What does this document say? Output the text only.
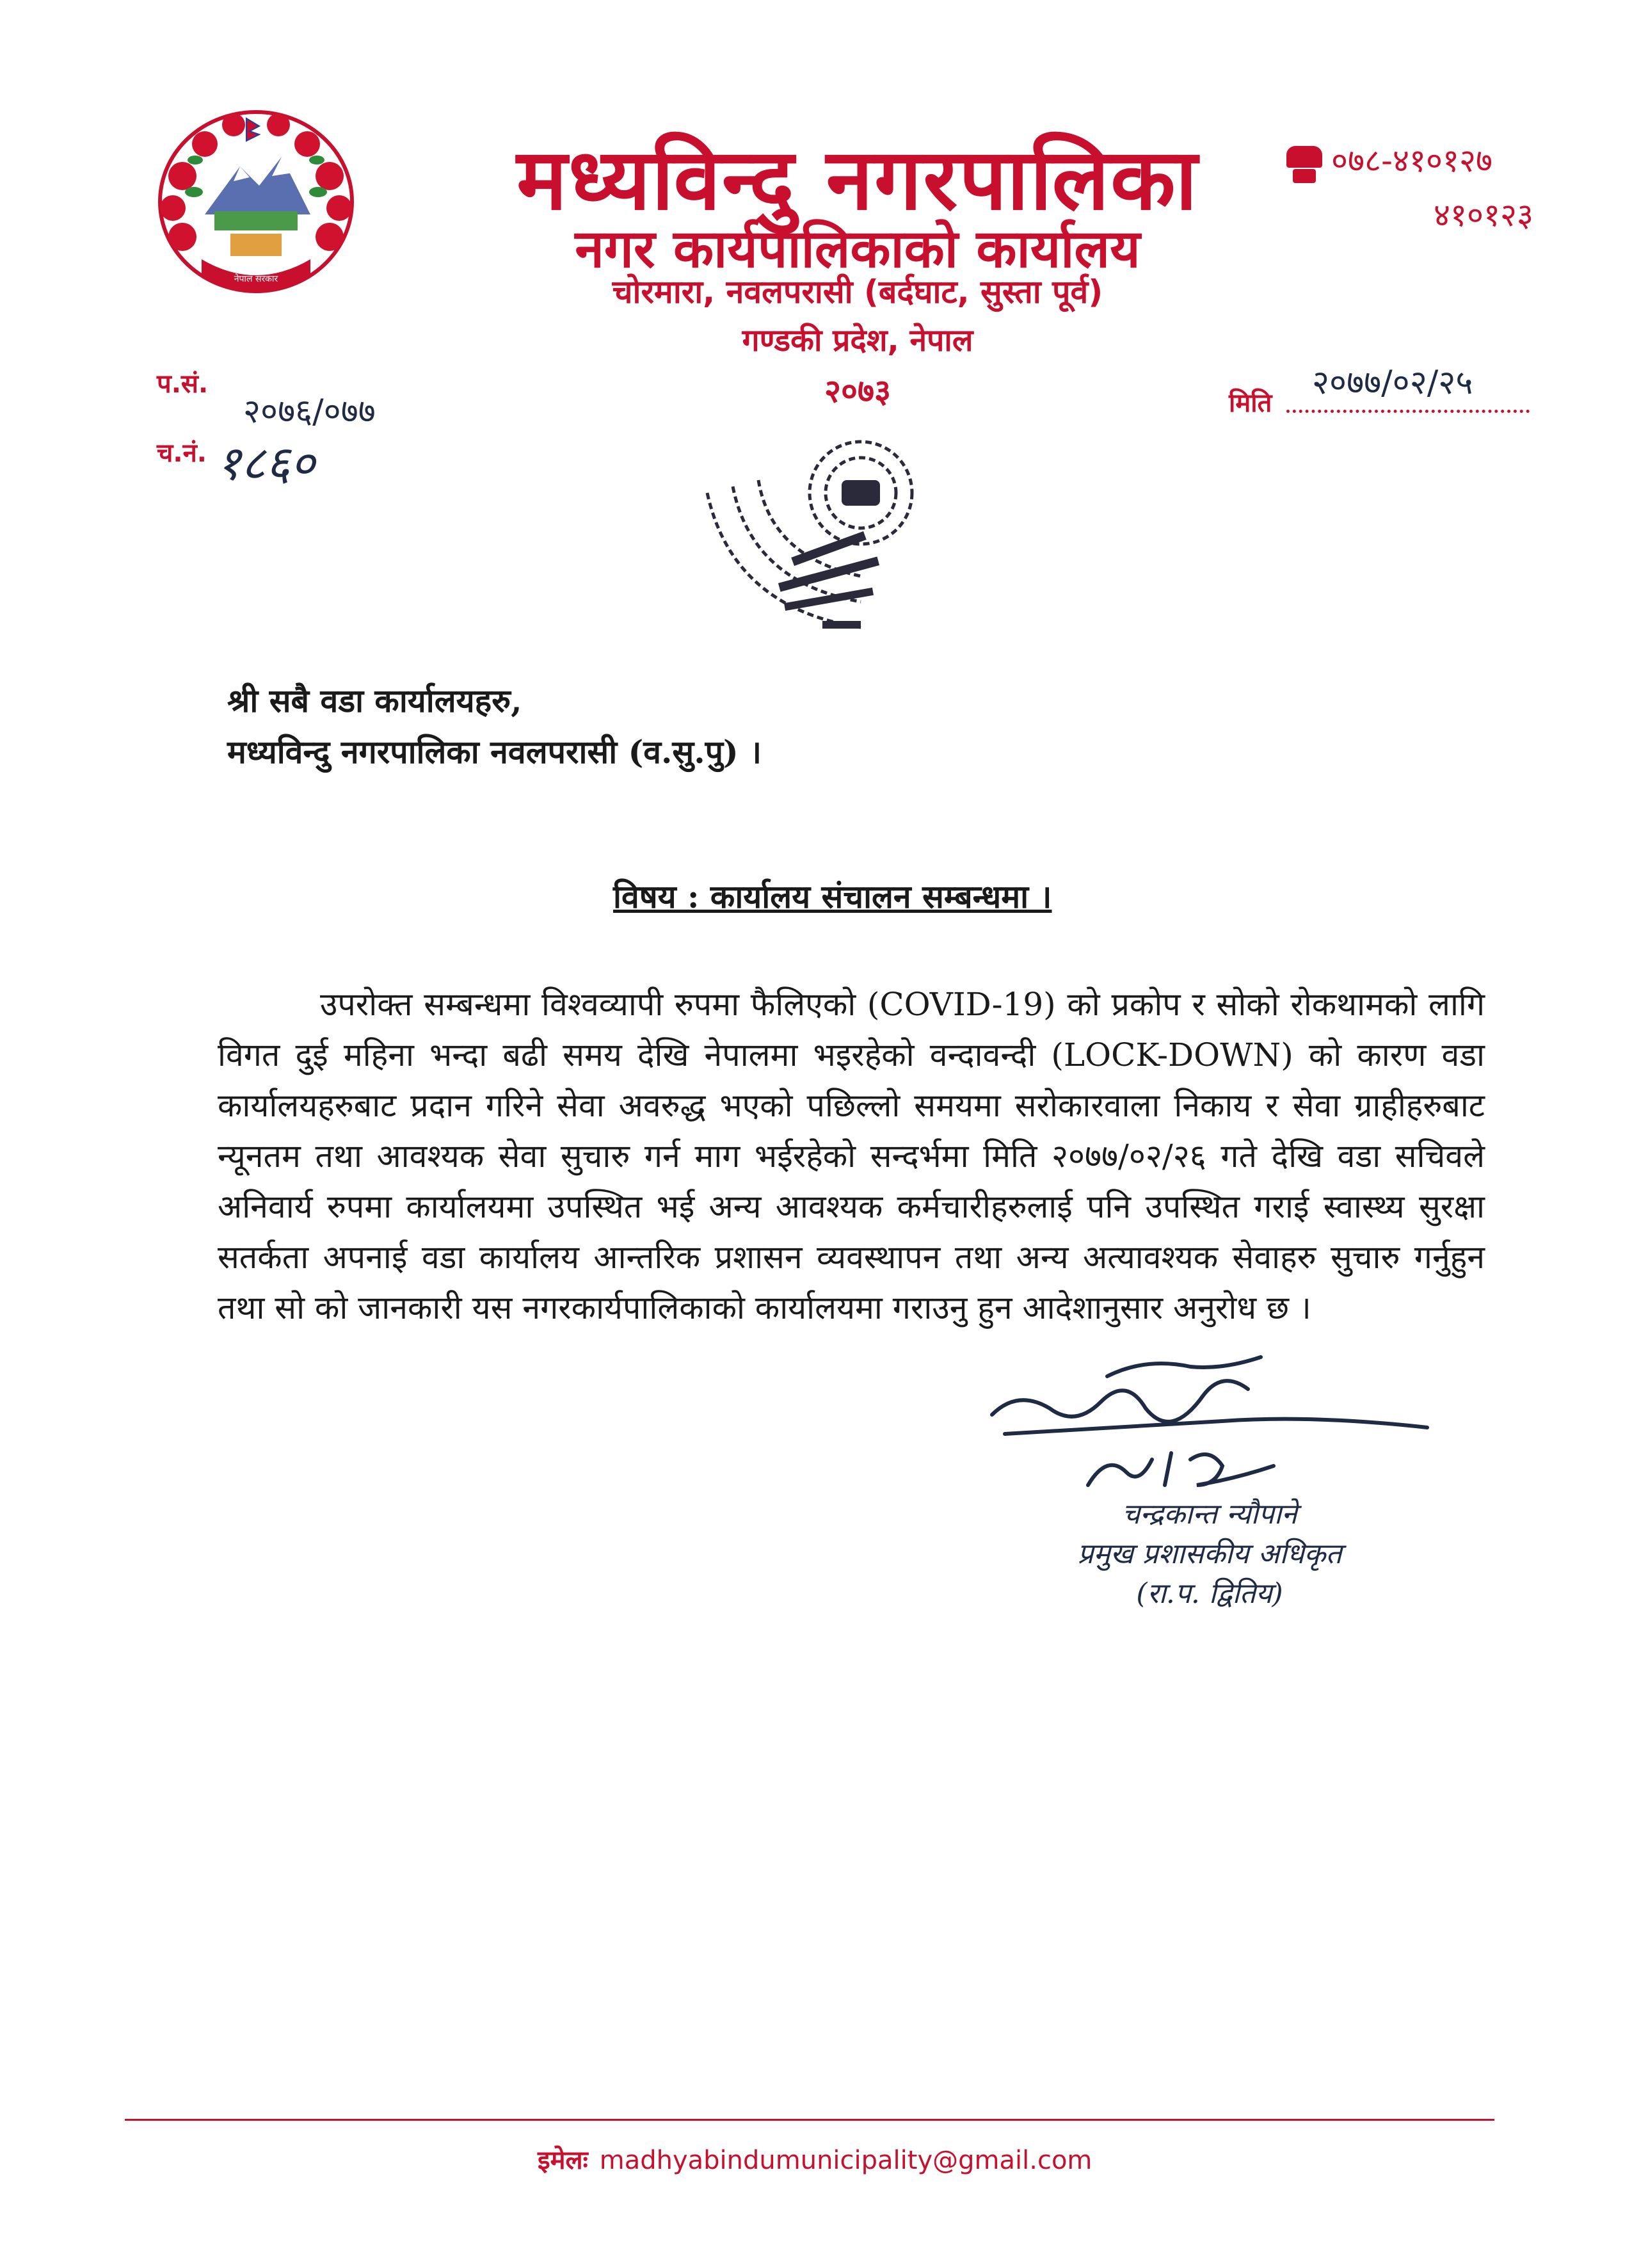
नेपाल सरकार
मध्यविन्दु नगरपालिका
नगर कार्यपालिकाको कार्यालय
चोरमारा, नवलपरासी (बर्दघाट, सुस्ता पूर्व)
गण्डकी प्रदेश, नेपाल
२०७३
०७८-४१०१२७
४१०१२३
प.सं.
२०७६/०७७
च.नं. १८६०
मिति
२०७७/०२/२५
श्री सबै वडा कार्यालयहरु,
मध्यविन्दु नगरपालिका नवलपरासी (व.सु.पु) ।
विषय : कार्यालय संचालन सम्बन्धमा ।
उपरोक्त सम्बन्धमा विश्वव्यापी रुपमा फैलिएको (COVID-19) को प्रकोप र सोको रोकथामको लागि विगत दुई महिना भन्दा बढी समय देखि नेपालमा भइरहेको वन्दावन्दी (LOCK-DOWN) को कारण वडा कार्यालयहरुबाट प्रदान गरिने सेवा अवरुद्ध भएको पछिल्लो समयमा सरोकारवाला निकाय र सेवा ग्राहीहरुबाट न्यूनतम तथा आवश्यक सेवा सुचारु गर्न माग भईरहेको सन्दर्भमा मिति २०७७/०२/२६ गते देखि वडा सचिवले अनिवार्य रुपमा कार्यालयमा उपस्थित भई अन्य आवश्यक कर्मचारीहरुलाई पनि उपस्थित गराई स्वास्थ्य सुरक्षा सतर्कता अपनाई वडा कार्यालय आन्तरिक प्रशासन व्यवस्थापन तथा अन्य अत्यावश्यक सेवाहरु सुचारु गर्नुहुन तथा सो को जानकारी यस नगरकार्यपालिकाको कार्यालयमा गराउनु हुन आदेशानुसार अनुरोध छ ।
चन्द्रकान्त न्यौपाने
प्रमुख प्रशासकीय अधिकृत
(रा.प. द्वितिय)
इमेलः madhyabindumunicipality@gmail.com
